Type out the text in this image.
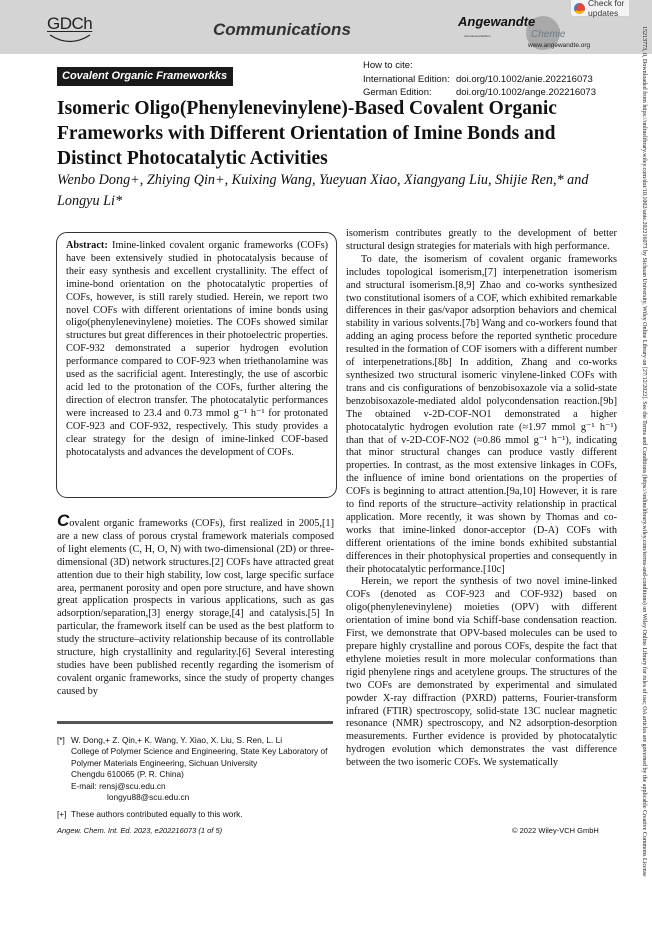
GDCh	Communications	Angewandte
International Edition	Chemie
www.angewandte.org
Check for updates
Covalent Organic Frameworkks
How to cite:
International Edition: doi.org/10.1002/anie.202216073
German Edition:	doi.org/10.1002/ange.202216073
Isomeric Oligo(Phenylenevinylene)-Based Covalent Organic Frameworks with Different Orientation of Imine Bonds and Distinct Photocatalytic Activities
Wenbo Dong+, Zhiying Qin+, Kuixing Wang, Yueyuan Xiao, Xiangyang Liu, Shijie Ren,* and Longyu Li*
Abstract: Imine-linked covalent organic frameworks (COFs) have been extensively studied in photocatalysis because of their easy synthesis and excellent crystallinity. The effect of imine-bond orientation on the photocatalytic properties of COFs, however, is still rarely studied. Herein, we report two novel COFs with different orientations of imine bonds using oligo(phenylenevinylene) moieties. The COFs showed similar structures but great differences in their photoelectric properties. COF-932 demonstrated a superior hydrogen evolution performance compared to COF-923 when triethanolamine was used as the sacrificial agent. Interestingly, the use of ascorbic acid led to the protonation of the COFs, further altering the direction of electron transfer. The photocatalytic performances were increased to 23.4 and 0.73 mmol g⁻¹ h⁻¹ for protonated COF-923 and COF-932, respectively. This study provides a clear strategy for the design of imine-linked COF-based photocatalysts and advances the development of COFs.
Covalent organic frameworks (COFs), first realized in 2005,[1] are a new class of porous crystal framework materials composed of light elements (C, H, O, N) with two-dimensional (2D) or three-dimensional (3D) network structures.[2] COFs have attracted great attention due to their high stability, low cost, large specific surface area, permanent porosity and open pore structure, and have shown great application prospects in various applications, such as gas adsorption/separation,[3] energy storage,[4] and catalysis.[5] In particular, the framework itself can be used as the best platform to study the structure–activity relationship because of its controllable structure, high crystallinity and regularity.[6] Several interesting studies have been published recently regarding the isomerism of covalent organic frameworks, since the study of property changes caused by
[*] W. Dong,+ Z. Qin,+ K. Wang, Y. Xiao, X. Liu, S. Ren, L. Li
College of Polymer Science and Engineering, State Key Laboratory of Polymer Materials Engineering, Sichuan University
Chengdu 610065 (P. R. China)
E-mail: rensj@scu.edu.cn
longyu88@scu.edu.cn
[+] These authors contributed equally to this work.
isomerism contributes greatly to the development of better structural design strategies for materials with high performance.
To date, the isomerism of covalent organic frameworks includes topological isomerism,[7] interpenetration isomerism and structural isomerism.[8,9] Zhao and co-works synthesized two constitutional isomers of a COF, which exhibited remarkable differences in their gas/vapor adsorption behaviors and chemical stability in various solvents.[7b] Wang and co-workers found that adding an aging process before the reported synthetic procedure resulted in the formation of COF isomers with a different number of interpenetrations.[8b] In addition, Zhang and co-works synthesized two structural isomeric vinylene-linked COFs with trans and cis configurations of benzobisoxazole via a solid-state benzobisoxazole-mediated aldol polycondensation reaction.[9b] The obtained v-2D-COF-NO1 demonstrated a higher photocatalytic hydrogen evolution rate (≈1.97 mmol g⁻¹ h⁻¹) than that of v-2D-COF-NO2 (≈0.86 mmol g⁻¹ h⁻¹), indicating that minor structural changes can produce vastly different properties. In contrast, as the most extensive linkages in COFs, the influence of imine bond orientations on the properties of COFs is beginning to attract attention.[9a,10] However, it is rare to find reports of the structure–activity relationship in practical application. More recently, it was shown by Thomas and co-works that imine-linked donor-acceptor (D-A) COFs with different orientations of the imine bonds exhibited substantial differences in their photophysical properties and consequently in their photocatalytic performance.[10c]
Herein, we report the synthesis of two novel imine-linked COFs (denoted as COF-923 and COF-932) based on oligo(phenylenevinylene) moieties (OPV) with different orientation of imine bond via Schiff-base condensation reaction. First, we demonstrate that OPV-based molecules can be used to prepare highly crystalline and porous COFs, despite the fact that ethylene moieties result in more molecular conformations than rigid phenylene rings and acetylene groups. The structures of the two COFs are demonstrated by experimental and simulated powder X-ray diffraction (PXRD) patterns, Fourier-transform infrared (FTIR) spectroscopy, solid-state 13C nuclear magnetic resonance (NMR) spectroscopy, and N2 adsorption-desorption measurements. Further evidence is provided by photocatalytic hydrogen evolution which demonstrates the vast difference between the two isomeric COFs. We systematically
Angew. Chem. Int. Ed. 2023, e202216073 (1 of 5)	© 2022 Wiley-VCH GmbH	15213773, 0, Downloaded from https://onlinelibrary.wiley.com/doi/10.1002/anie.202216073 by Sichuan University, Wiley Online Library on [27/12/2022]. See the Terms and Conditions (https://onlinelibrary.wiley.com/terms-and-conditions) on Wiley Online Library for rules of use; OA articles are governed by the applicable Creative Commons License
